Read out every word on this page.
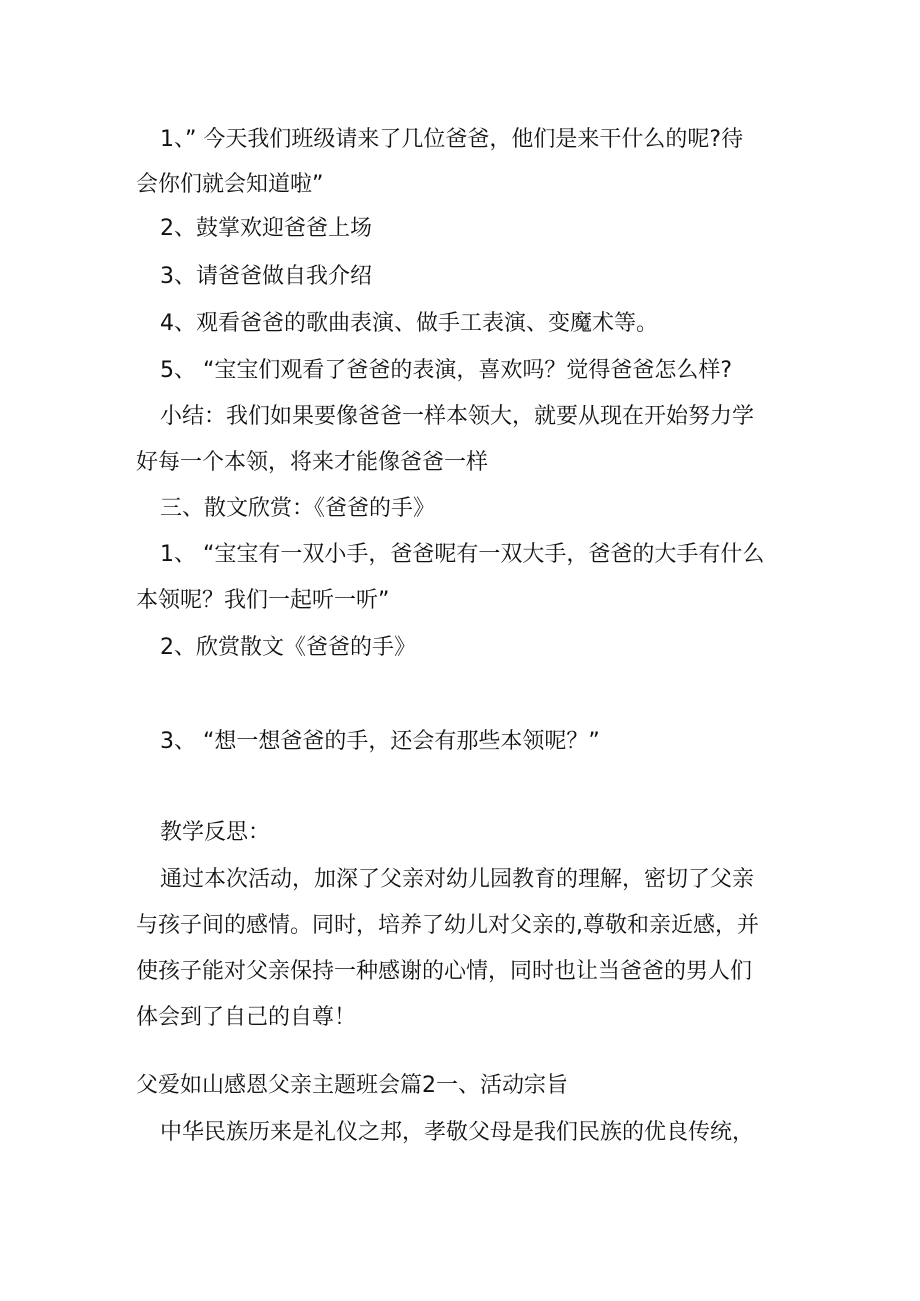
1、” 今天我们班级请来了几位爸爸，他们是来干什么的呢?待
会你们就会知道啦”
2、鼓掌欢迎爸爸上场
3、请爸爸做自我介绍
4、观看爸爸的歌曲表演、做手工表演、变魔术等。
5、 “宝宝们观看了爸爸的表演，喜欢吗？觉得爸爸怎么样?
小结：我们如果要像爸爸一样本领大，就要从现在开始努力学
好每一个本领，将来才能像爸爸一样
三、散文欣赏：《爸爸的手》
1、 “宝宝有一双小手，爸爸呢有一双大手，爸爸的大手有什么
本领呢？我们一起听一听”
2、欣赏散文《爸爸的手》
3、 “想一想爸爸的手，还会有那些本领呢？”
教学反思：
通过本次活动，加深了父亲对幼儿园教育的理解，密切了父亲
与孩子间的感情。同时，培养了幼儿对父亲的,尊敬和亲近感，并
使孩子能对父亲保持一种感谢的心情，同时也让当爸爸的男人们
体会到了自己的自尊！
父爱如山感恩父亲主题班会篇2一、活动宗旨
中华民族历来是礼仪之邦，孝敬父母是我们民族的优良传统，
